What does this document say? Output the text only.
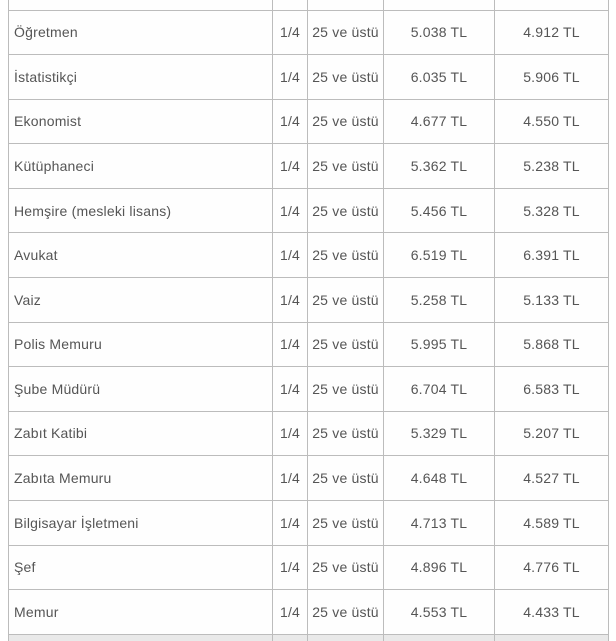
Öğretmen	1/4	25 ve üstü	5.038 TL	4.912 TL
İstatistikçi	1/4	25 ve üstü	6.035 TL	5.906 TL
Ekonomist	1/4	25 ve üstü	4.677 TL	4.550 TL
Kütüphaneci	1/4	25 ve üstü	5.362 TL	5.238 TL
Hemşire (mesleki lisans)	1/4	25 ve üstü	5.456 TL	5.328 TL
Avukat	1/4	25 ve üstü	6.519 TL	6.391 TL
Vaiz	1/4	25 ve üstü	5.258 TL	5.133 TL
Polis Memuru	1/4	25 ve üstü	5.995 TL	5.868 TL
Şube Müdürü	1/4	25 ve üstü	6.704 TL	6.583 TL
Zabıt Katibi	1/4	25 ve üstü	5.329 TL	5.207 TL
Zabıta Memuru	1/4	25 ve üstü	4.648 TL	4.527 TL
Bilgisayar İşletmeni	1/4	25 ve üstü	4.713 TL	4.589 TL
Şef	1/4	25 ve üstü	4.896 TL	4.776 TL
Memur	1/4	25 ve üstü	4.553 TL	4.433 TL
